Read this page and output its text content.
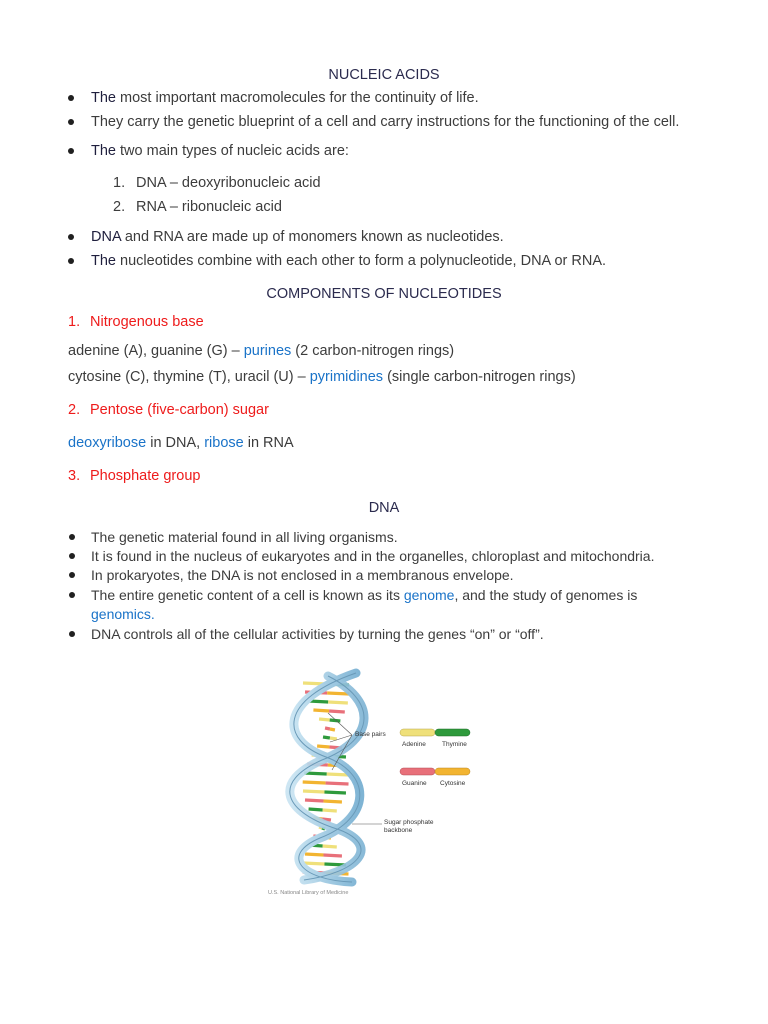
NUCLEIC ACIDS
The most important macromolecules for the continuity of life.
They carry the genetic blueprint of a cell and carry instructions for the functioning of the cell.
The two main types of nucleic acids are:
1. DNA – deoxyribonucleic acid
2. RNA – ribonucleic acid
DNA and RNA are made up of monomers known as nucleotides.
The nucleotides combine with each other to form a polynucleotide, DNA or RNA.
COMPONENTS OF NUCLEOTIDES
1. Nitrogenous base
adenine (A), guanine (G) – purines (2 carbon-nitrogen rings)
cytosine (C), thymine (T), uracil (U) – pyrimidines (single carbon-nitrogen rings)
2. Pentose (five-carbon) sugar
deoxyribose in DNA, ribose in RNA
3. Phosphate group
DNA
The genetic material found in all living organisms.
It is found in the nucleus of eukaryotes and in the organelles, chloroplast and mitochondria.
In prokaryotes, the DNA is not enclosed in a membranous envelope.
The entire genetic content of a cell is known as its genome, and the study of genomes is
genomics.
DNA controls all of the cellular activities by turning the genes “on” or “off”.
Base pairs
Sugar phosphate
backbone
Adenine Thymine
Guanine Cytosine
U.S. National Library of Medicine
